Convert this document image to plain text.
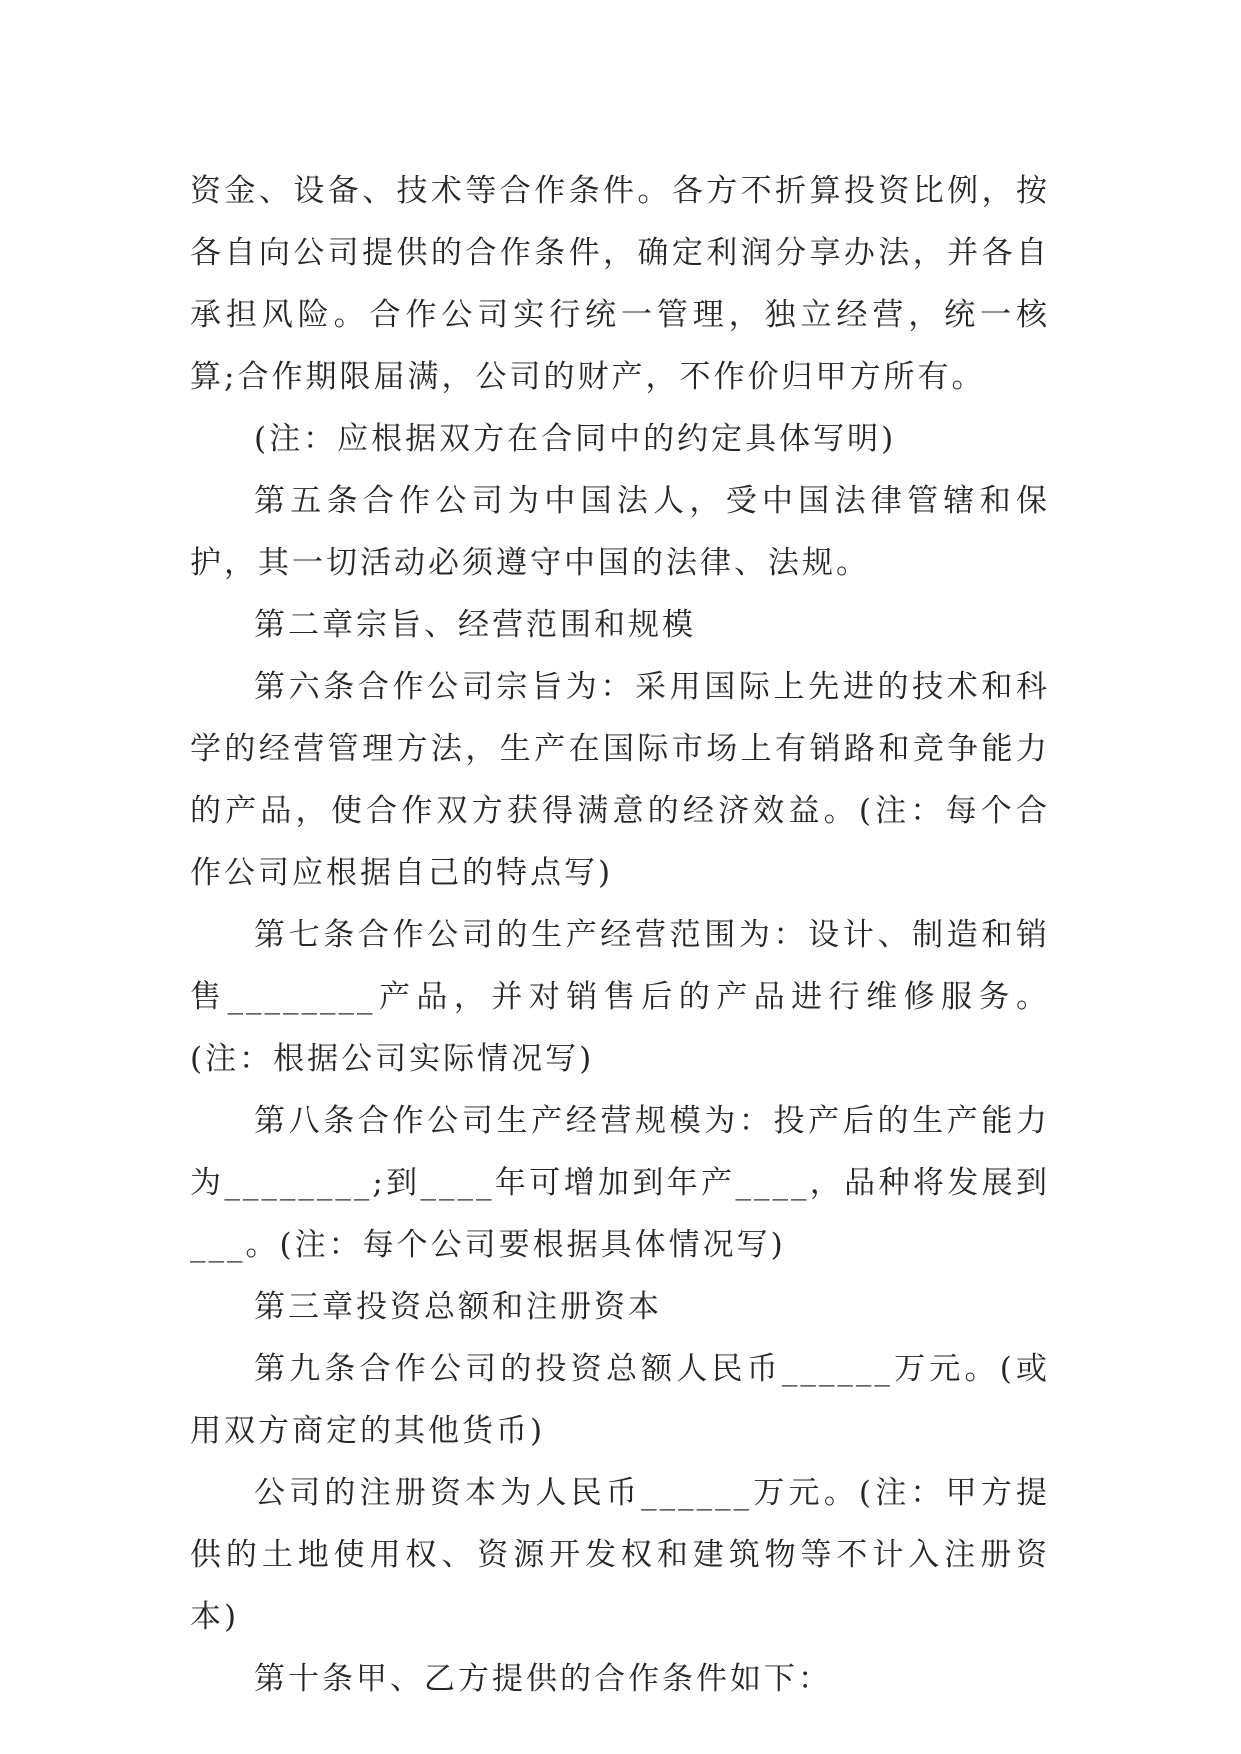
资金、设备、技术等合作条件。各方不折算投资比例，按各自向公司提供的合作条件，确定利润分享办法，并各自承担风险。合作公司实行统一管理，独立经营，统一核算;合作期限届满，公司的财产，不作价归甲方所有。

(注：应根据双方在合同中的约定具体写明)

第五条合作公司为中国法人，受中国法律管辖和保护，其一切活动必须遵守中国的法律、法规。

第二章宗旨、经营范围和规模

第六条合作公司宗旨为：采用国际上先进的技术和科学的经营管理方法，生产在国际市场上有销路和竞争能力的产品，使合作双方获得满意的经济效益。(注：每个合作公司应根据自己的特点写)

第七条合作公司的生产经营范围为：设计、制造和销售________产品，并对销售后的产品进行维修服务。(注：根据公司实际情况写)

第八条合作公司生产经营规模为：投产后的生产能力为________;到____年可增加到年产____，品种将发展到___。(注：每个公司要根据具体情况写)

第三章投资总额和注册资本

第九条合作公司的投资总额人民币______万元。(或用双方商定的其他货币)

公司的注册资本为人民币______万元。(注：甲方提供的土地使用权、资源开发权和建筑物等不计入注册资本)

第十条甲、乙方提供的合作条件如下：
